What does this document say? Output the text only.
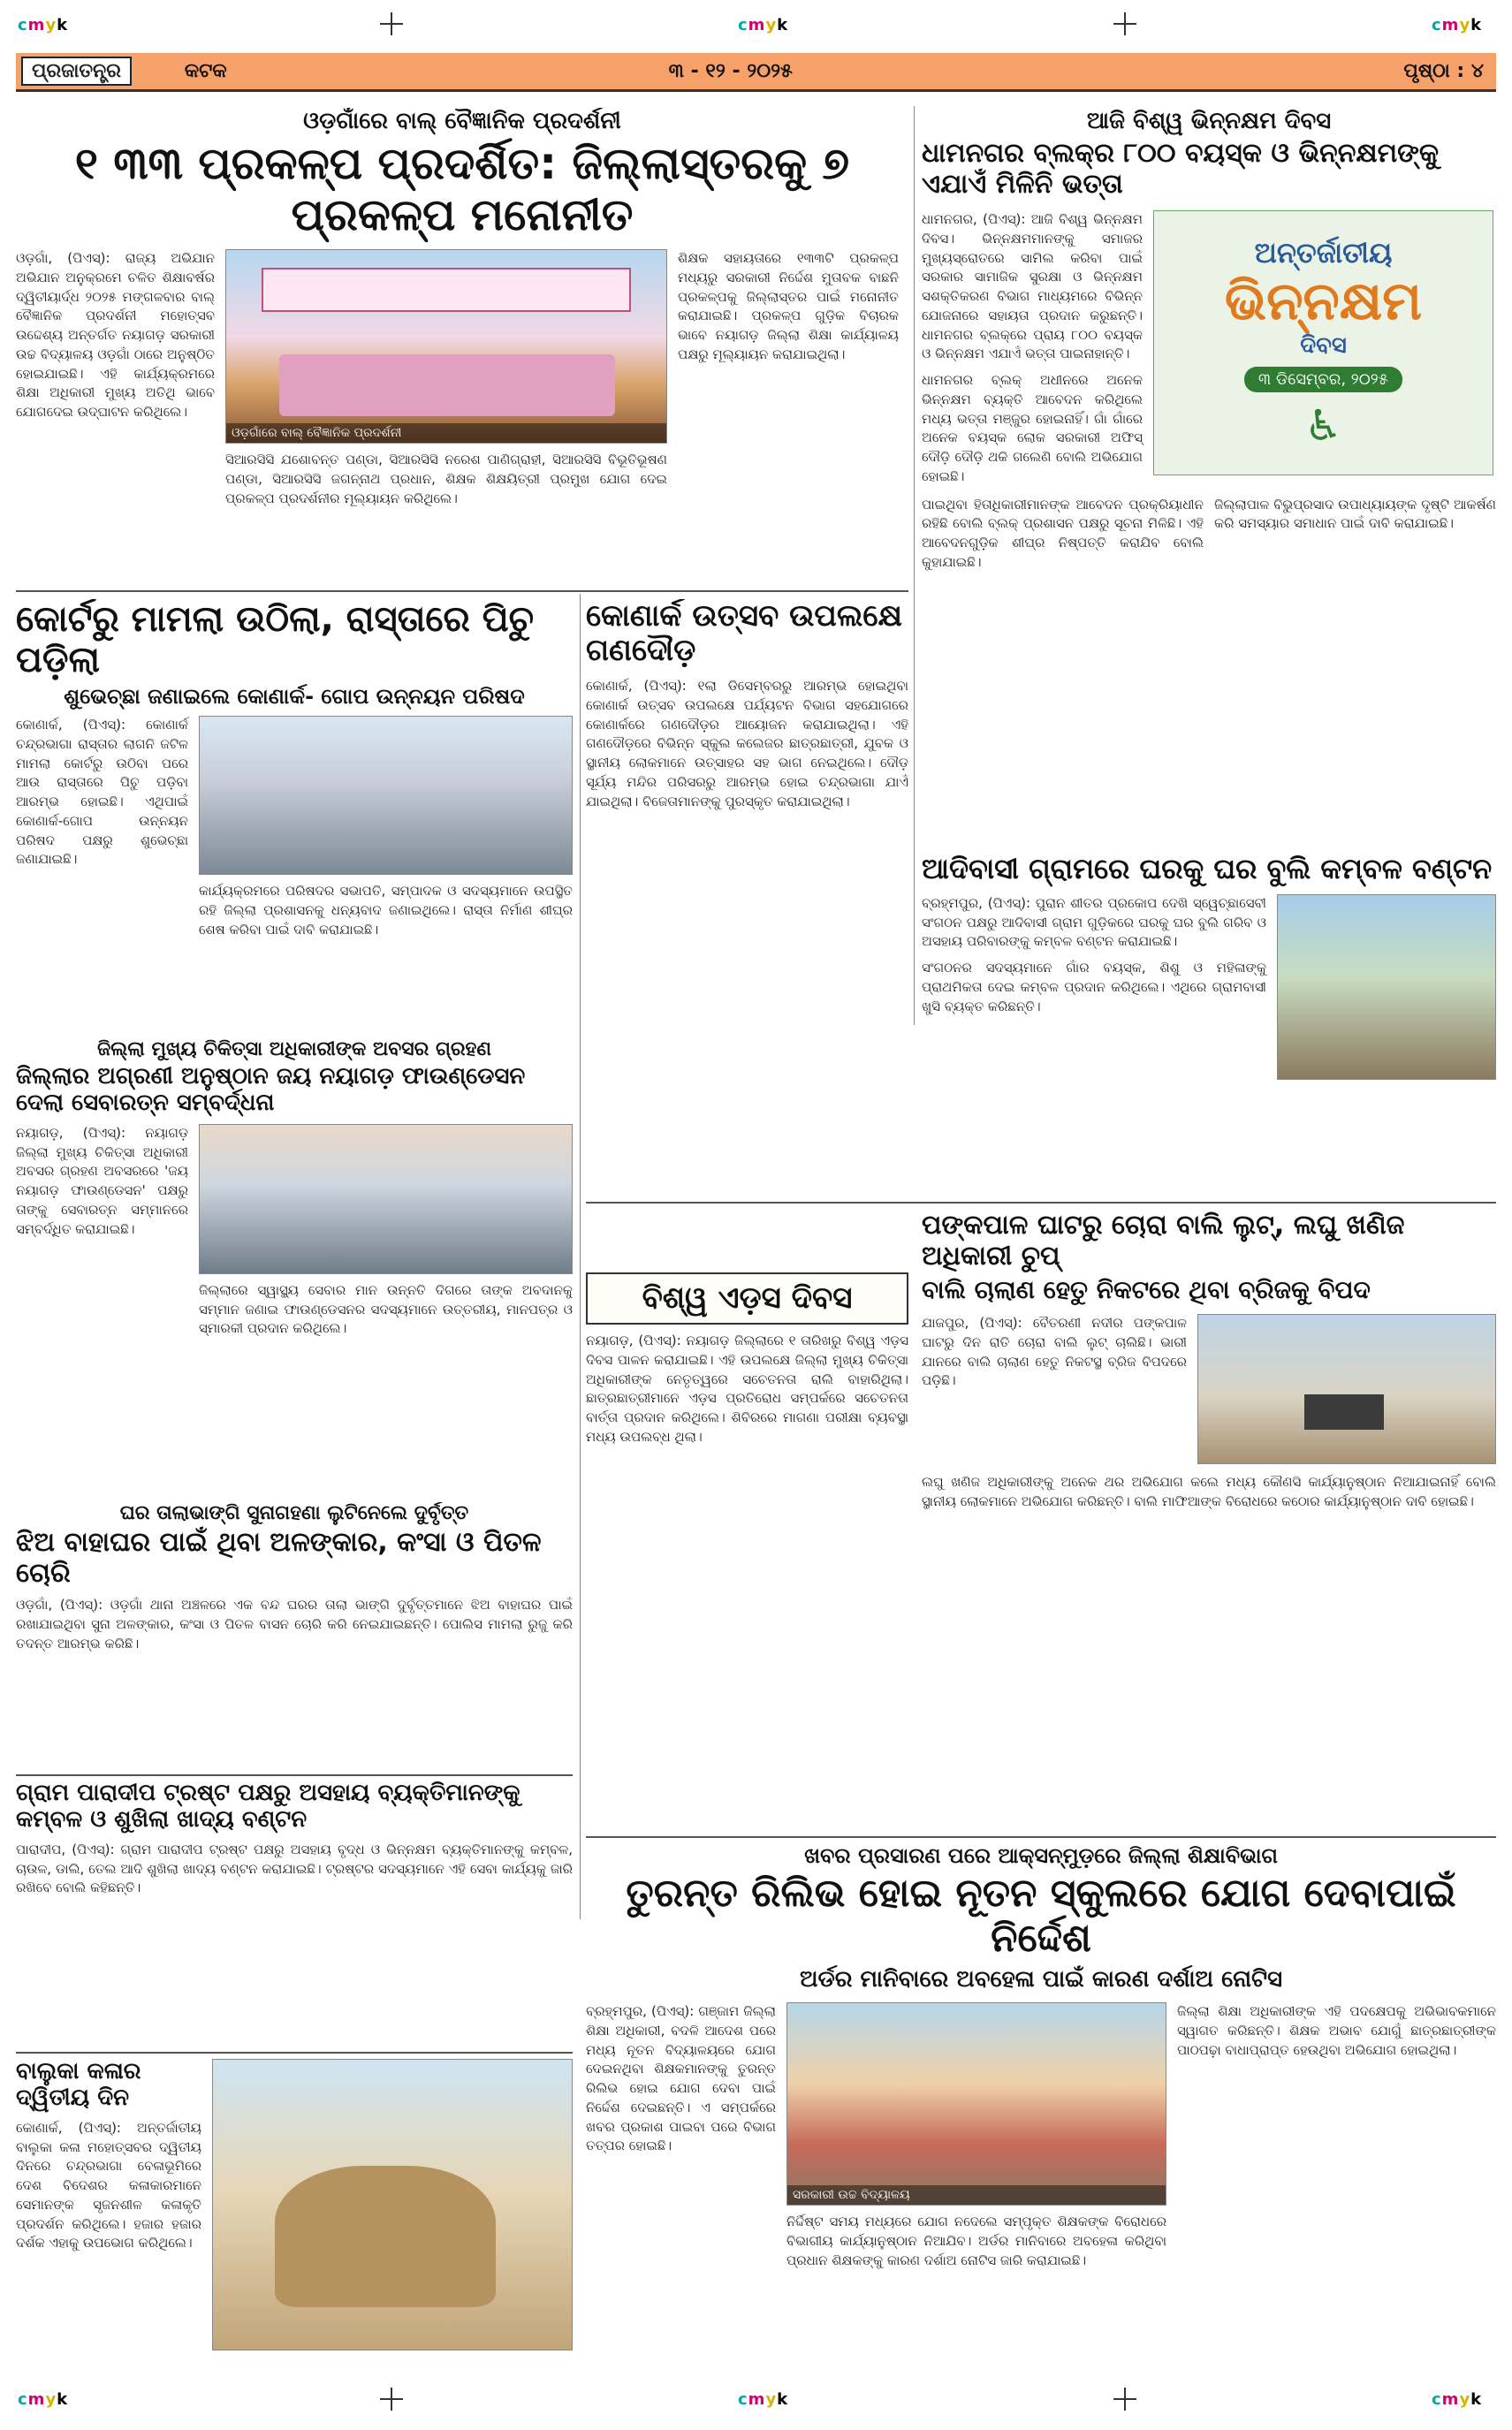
cmyk	cmyk	cmyk
cmyk	cmyk	cmyk
ପ୍ରଜାତନ୍ତ୍ର	କଟକ	୩ - ୧୨ - ୨୦୨୫	ପୃଷ୍ଠା : ୪
ଓଡ଼ଗାଁରେ ବାଲ୍ ବୈଜ୍ଞାନିକ ପ୍ରଦର୍ଶନୀ
୧ ୩୩ ପ୍ରକଳ୍ପ ପ୍ରଦର୍ଶିତ: ଜିଲ୍ଲାସ୍ତରକୁ ୭ ପ୍ରକଳ୍ପ ମନୋନୀତ

ଓଡ଼ଗାଁ, (ପିଏସ୍): ରାଜ୍ୟ ଅଭିଯାନ ଅଭିଯାନ ଅନୁକ୍ରମେ ଚଳିତ ଶିକ୍ଷାବର୍ଷର ଦ୍ୱିତୀୟାର୍ଦ୍ଧ ୨୦୨୫ ମଙ୍ଗଳବାର ବାଲ୍ ବୈଜ୍ଞାନିକ ପ୍ରଦର୍ଶନୀ ମହୋତ୍ସବ ଉଦ୍ଦେଶ୍ୟ ଅନ୍ତର୍ଗତ ନୟାଗଡ଼ ସରକାରୀ ଉଚ୍ଚ ବିଦ୍ୟାଳୟ ଓଡ଼ଗାଁ ଠାରେ ଅନୁଷ୍ଠିତ ହୋଇଯାଇଛି। ଏହି କାର୍ଯ୍ୟକ୍ରମରେ ଶିକ୍ଷା ଅଧିକାରୀ ମୁଖ୍ୟ ଅତିଥି ଭାବେ ଯୋଗଦେଇ ଉଦ୍‌ଘାଟନ କରିଥିଲେ।

ଓଡ଼ଗାଁରେ ବାଲ୍ ବୈଜ୍ଞାନିକ ପ୍ରଦର୍ଶନୀ

ସିଆରସିସି ଯଶୋବନ୍ତ ପଣ୍ଡା, ସିଆରସିସି ନରେଶ ପାଣିଗ୍ରାହୀ, ସିଆରସିସି ବିଭୂତିଭୂଷଣ ପଣ୍ଡା, ସିଆରସିସି ଜଗନ୍ନାଥ ପ୍ରଧାନ, ଶିକ୍ଷକ ଶିକ୍ଷୟିତ୍ରୀ ପ୍ରମୁଖ ଯୋଗ ଦେଇ ପ୍ରକଳ୍ପ ପ୍ରଦର୍ଶନୀର ମୂଲ୍ୟାୟନ କରିଥିଲେ।

ଶିକ୍ଷକ ସହାୟତାରେ ୧୩୩ଟି ପ୍ରକଳ୍ପ ମଧ୍ୟରୁ ସରକାରୀ ନିର୍ଦ୍ଦେଶ ମୁତାବକ ବାଛନି ପ୍ରକଳ୍ପକୁ ଜିଲ୍ଲାସ୍ତର ପାଇଁ ମନୋନୀତ କରାଯାଇଛି। ପ୍ରକଳ୍ପ ଗୁଡ଼ିକ ବିଚାରକ ଭାବେ ନୟାଗଡ଼ ଜିଲ୍ଲା ଶିକ୍ଷା କାର୍ଯ୍ୟାଳୟ ପକ୍ଷରୁ ମୂଲ୍ୟାୟନ କରାଯାଇଥିଲା।

ଆଜି ବିଶ୍ୱ ଭିନ୍ନକ୍ଷମ ଦିବସ
ଧାମନଗର ବ୍ଲକ୍‌ର ୮୦୦ ବୟସ୍କ ଓ ଭିନ୍ନକ୍ଷମଙ୍କୁ ଏଯାଏଁ ମିଳିନି ଭତ୍ତା

ଧାମନଗର, (ପିଏସ୍): ଆଜି ବିଶ୍ୱ ଭିନ୍ନକ୍ଷମ ଦିବସ। ଭିନ୍ନକ୍ଷମମାନଙ୍କୁ ସମାଜର ମୁଖ୍ୟସ୍ରୋତରେ ସାମିଲ କରିବା ପାଇଁ ସରକାର ସାମାଜିକ ସୁରକ୍ଷା ଓ ଭିନ୍ନକ୍ଷମ ସଶକ୍ତିକରଣ ବିଭାଗ ମାଧ୍ୟମରେ ବିଭିନ୍ନ ଯୋଜନାରେ ସହାୟତା ପ୍ରଦାନ କରୁଛନ୍ତି। ଧାମନଗର ବ୍ଲକ୍‌ରେ ପ୍ରାୟ ୮୦୦ ବୟସ୍କ ଓ ଭିନ୍ନକ୍ଷମ ଏଯାଏଁ ଭତ୍ତା ପାଇନାହାନ୍ତି।

ଧାମନଗର ବ୍ଲକ୍ ଅଧୀନରେ ଅନେକ ଭିନ୍ନକ୍ଷମ ବ୍ୟକ୍ତି ଆବେଦନ କରିଥିଲେ ମଧ୍ୟ ଭତ୍ତା ମଞ୍ଜୁର ହୋଇନାହିଁ। ଗାଁ ଗାଁରେ ଅନେକ ବୟସ୍କ ଲୋକ ସରକାରୀ ଅଫିସ୍ ଦୌଡ଼ି ଦୌଡ଼ି ଥକି ଗଲେଣି ବୋଲି ଅଭିଯୋଗ ହୋଇଛି।

ଅନ୍ତର୍ଜାତୀୟ
ଭିନ୍ନକ୍ଷମ
ଦିବସ
୩ ଡିସେମ୍ବର, ୨୦୨୫
♿

ପାଇଥିବା ହିତାଧିକାରୀମାନଙ୍କ ଆବେଦନ ପ୍ରକ୍ରିୟାଧୀନ ରହିଛି ବୋଲି ବ୍ଲକ୍ ପ୍ରଶାସନ ପକ୍ଷରୁ ସୂଚନା ମିଳିଛି। ଏହି ଆବେଦନଗୁଡ଼ିକ ଶୀଘ୍ର ନିଷ୍ପତ୍ତି କରାଯିବ ବୋଲି କୁହାଯାଇଛି।

ଜିଲ୍ଲାପାଳ ବିଭୁପ୍ରସାଦ ଉପାଧ୍ୟାୟଙ୍କ ଦୃଷ୍ଟି ଆକର୍ଷଣ କରି ସମସ୍ୟାର ସମାଧାନ ପାଇଁ ଦାବି କରାଯାଇଛି।

କୋର୍ଟରୁ ମାମଲା ଉଠିଲା, ରାସ୍ତାରେ ପିଚୁ ପଡ଼ିଲା
ଶୁଭେଚ୍ଛା ଜଣାଇଲେ କୋଣାର୍କ- ଗୋପ ଉନ୍ନୟନ ପରିଷଦ

କୋଣାର୍କ, (ପିଏସ୍): କୋଣାର୍କ ଚନ୍ଦ୍ରଭାଗା ରାସ୍ତାର ଲାଗନି ଜଟିଳ ମାମଲା କୋର୍ଟରୁ ଉଠିବା ପରେ ଆଉ ରାସ୍ତାରେ ପିଚୁ ପଡ଼ିବା ଆରମ୍ଭ ହୋଇଛି। ଏଥିପାଇଁ କୋଣାର୍କ-ଗୋପ ଉନ୍ନୟନ ପରିଷଦ ପକ୍ଷରୁ ଶୁଭେଚ୍ଛା ଜଣାଯାଇଛି।

କାର୍ଯ୍ୟକ୍ରମରେ ପରିଷଦର ସଭାପତି, ସମ୍ପାଦକ ଓ ସଦସ୍ୟମାନେ ଉପସ୍ଥିତ ରହି ଜିଲ୍ଲା ପ୍ରଶାସନକୁ ଧନ୍ୟବାଦ ଜଣାଇଥିଲେ। ରାସ୍ତା ନିର୍ମାଣ ଶୀଘ୍ର ଶେଷ କରିବା ପାଇଁ ଦାବି କରାଯାଇଛି।

କୋଣାର୍କ ଉତ୍ସବ ଉପଲକ୍ଷେ ଗଣଦୌଡ଼

କୋଣାର୍କ, (ପିଏସ୍): ୧ଲା ଡିସେମ୍ବରରୁ ଆରମ୍ଭ ହୋଇଥିବା କୋଣାର୍କ ଉତ୍ସବ ଉପଲକ୍ଷେ ପର୍ଯ୍ୟଟନ ବିଭାଗ ସହଯୋଗରେ କୋଣାର୍କରେ ଗଣଦୌଡ଼ର ଆୟୋଜନ କରାଯାଇଥିଲା। ଏହି ଗଣଦୌଡ଼ରେ ବିଭିନ୍ନ ସ୍କୁଲ କଲେଜର ଛାତ୍ରଛାତ୍ରୀ, ଯୁବକ ଓ ସ୍ଥାନୀୟ ଲୋକମାନେ ଉତ୍ସାହର ସହ ଭାଗ ନେଇଥିଲେ। ଦୌଡ଼ ସୂର୍ଯ୍ୟ ମନ୍ଦିର ପରିସରରୁ ଆରମ୍ଭ ହୋଇ ଚନ୍ଦ୍ରଭାଗା ଯାଏଁ ଯାଇଥିଲା। ବିଜେତାମାନଙ୍କୁ ପୁରସ୍କୃତ କରାଯାଇଥିଲା।

ଆଦିବାସୀ ଗ୍ରାମରେ ଘରକୁ ଘର ବୁଲି କମ୍ବଳ ବଣ୍ଟନ

ବ୍ରହ୍ମପୁର, (ପିଏସ୍): ପୁରାନ ଶୀତର ପ୍ରକୋପ ଦେଖି ସ୍ୱେଚ୍ଛାସେବୀ ସଂଗଠନ ପକ୍ଷରୁ ଆଦିବାସୀ ଗ୍ରାମ ଗୁଡ଼ିକରେ ଘରକୁ ଘର ବୁଲି ଗରିବ ଓ ଅସହାୟ ପରିବାରଙ୍କୁ କମ୍ବଳ ବଣ୍ଟନ କରାଯାଇଛି।

ସଂଗଠନର ସଦସ୍ୟମାନେ ଗାଁର ବୟସ୍କ, ଶିଶୁ ଓ ମହିଳାଙ୍କୁ ପ୍ରାଥମିକତା ଦେଇ କମ୍ବଳ ପ୍ରଦାନ କରିଥିଲେ। ଏଥିରେ ଗ୍ରାମବାସୀ ଖୁସି ବ୍ୟକ୍ତ କରିଛନ୍ତି।

ଜିଲ୍ଲା ମୁଖ୍ୟ ଚିକିତ୍ସା ଅଧିକାରୀଙ୍କ ଅବସର ଗ୍ରହଣ
ଜିଲ୍ଲାର ଅଗ୍ରଣୀ ଅନୁଷ୍ଠାନ ଜୟ ନୟାଗଡ଼ ଫାଉଣ୍ଡେସନ ଦେଲା ସେବାରତ୍ନ ସମ୍ବର୍ଦ୍ଧନା

ନୟାଗଡ଼, (ପିଏସ୍): ନୟାଗଡ଼ ଜିଲ୍ଲା ମୁଖ୍ୟ ଚିକିତ୍ସା ଅଧିକାରୀ ଅବସର ଗ୍ରହଣ ଅବସରରେ 'ଜୟ ନୟାଗଡ଼ ଫାଉଣ୍ଡେସନ' ପକ୍ଷରୁ ତାଙ୍କୁ ସେବାରତ୍ନ ସମ୍ମାନରେ ସମ୍ବର୍ଦ୍ଧିତ କରାଯାଇଛି।

ଜିଲ୍ଲାରେ ସ୍ୱାସ୍ଥ୍ୟ ସେବାର ମାନ ଉନ୍ନତି ଦିଗରେ ତାଙ୍କ ଅବଦାନକୁ ସମ୍ମାନ ଜଣାଇ ଫାଉଣ୍ଡେସନର ସଦସ୍ୟମାନେ ଉତ୍ତରୀୟ, ମାନପତ୍ର ଓ ସ୍ମାରକୀ ପ୍ରଦାନ କରିଥିଲେ।

ବିଶ୍ୱ ଏଡ଼ସ ଦିବସ

ନୟାଗଡ଼, (ପିଏସ୍): ନୟାଗଡ଼ ଜିଲ୍ଲାରେ ୧ ତାରିଖରୁ ବିଶ୍ୱ ଏଡ଼ସ ଦିବସ ପାଳନ କରାଯାଇଛି। ଏହି ଉପଲକ୍ଷେ ଜିଲ୍ଲା ମୁଖ୍ୟ ଚିକିତ୍ସା ଅଧିକାରୀଙ୍କ ନେତୃତ୍ୱରେ ସଚେତନତା ରାଲି ବାହାରିଥିଲା। ଛାତ୍ରଛାତ୍ରୀମାନେ ଏଡ଼ସ ପ୍ରତିରୋଧ ସମ୍ପର୍କରେ ସଚେତନତା ବାର୍ତ୍ତା ପ୍ରଦାନ କରିଥିଲେ। ଶିବିରରେ ମାଗଣା ପରୀକ୍ଷା ବ୍ୟବସ୍ଥା ମଧ୍ୟ ଉପଲବ୍ଧ ଥିଲା।

ପଙ୍କପାଳ ଘାଟରୁ ଚୋରା ବାଲି ଲୁଟ୍, ଲଘୁ ଖଣିଜ ଅଧିକାରୀ ଚୁପ୍
ବାଲି ଚାଲାଣ ହେତୁ ନିକଟରେ ଥିବା ବ୍ରିଜକୁ ବିପଦ

ଯାଜପୁର, (ପିଏସ୍): ବୈତରଣୀ ନଦୀର ପଙ୍କପାଳ ଘାଟରୁ ଦିନ ରାତି ଚୋରା ବାଲି ଲୁଟ୍ ଚାଲିଛି। ଭାରୀ ଯାନରେ ବାଲି ଚାଲାଣ ହେତୁ ନିକଟସ୍ଥ ବ୍ରିଜ ବିପଦରେ ପଡ଼ିଛି।

ଲଘୁ ଖଣିଜ ଅଧିକାରୀଙ୍କୁ ଅନେକ ଥର ଅଭିଯୋଗ କଲେ ମଧ୍ୟ କୌଣସି କାର୍ଯ୍ୟାନୁଷ୍ଠାନ ନିଆଯାଇନାହିଁ ବୋଲି ସ୍ଥାନୀୟ ଲୋକମାନେ ଅଭିଯୋଗ କରିଛନ୍ତି। ବାଲି ମାଫିଆଙ୍କ ବିରୋଧରେ କଠୋର କାର୍ଯ୍ୟାନୁଷ୍ଠାନ ଦାବି ହୋଇଛି।

ଘର ତାଲାଭାଙ୍ଗି ସୁନାଗହଣା ଲୁଟିନେଲେ ଦୁର୍ବୃତ୍ତ
ଝିଅ ବାହାଘର ପାଇଁ ଥିବା ଅଳଙ୍କାର, କଂସା ଓ ପିତଳ ଚୋରି

ଓଡ଼ଗାଁ, (ପିଏସ୍): ଓଡ଼ଗାଁ ଥାନା ଅଞ୍ଚଳରେ ଏକ ବନ୍ଦ ଘରର ତାଲା ଭାଙ୍ଗି ଦୁର୍ବୃତ୍ତମାନେ ଝିଅ ବାହାଘର ପାଇଁ ରଖାଯାଇଥିବା ସୁନା ଅଳଙ୍କାର, କଂସା ଓ ପିତଳ ବାସନ ଚୋରି କରି ନେଇଯାଇଛନ୍ତି। ପୋଲିସ ମାମଲା ରୁଜୁ କରି ତଦନ୍ତ ଆରମ୍ଭ କରିଛି।

ଗ୍ରାମ ପାରାଦୀପ ଟ୍ରଷ୍ଟ ପକ୍ଷରୁ ଅସହାୟ ବ୍ୟକ୍ତିମାନଙ୍କୁ କମ୍ବଳ ଓ ଶୁଖିଲା ଖାଦ୍ୟ ବଣ୍ଟନ

ପାରାଦୀପ, (ପିଏସ୍): ଗ୍ରାମ ପାରାଦୀପ ଟ୍ରଷ୍ଟ ପକ୍ଷରୁ ଅସହାୟ ବୃଦ୍ଧ ଓ ଭିନ୍ନକ୍ଷମ ବ୍ୟକ୍ତିମାନଙ୍କୁ କମ୍ବଳ, ଚାଉଳ, ଡାଲି, ତେଲ ଆଦି ଶୁଖିଲା ଖାଦ୍ୟ ବଣ୍ଟନ କରାଯାଇଛି। ଟ୍ରଷ୍ଟର ସଦସ୍ୟମାନେ ଏହି ସେବା କାର୍ଯ୍ୟକୁ ଜାରି ରଖିବେ ବୋଲି କହିଛନ୍ତି।

ବାଲୁକା କଳାର ଦ୍ୱିତୀୟ ଦିନ

କୋଣାର୍କ, (ପିଏସ୍): ଅନ୍ତର୍ଜାତୀୟ ବାଲୁକା କଳା ମହୋତ୍ସବର ଦ୍ୱିତୀୟ ଦିନରେ ଚନ୍ଦ୍ରଭାଗା ବେଳାଭୂମିରେ ଦେଶ ବିଦେଶର କଳାକାରମାନେ ସେମାନଙ୍କ ସୃଜନଶୀଳ କଳାକୃତି ପ୍ରଦର୍ଶନ କରିଥିଲେ। ହଜାର ହଜାର ଦର୍ଶକ ଏହାକୁ ଉପଭୋଗ କରିଥିଲେ।

ଖବର ପ୍ରସାରଣ ପରେ ଆକ୍ସନ୍‌ମୁଡ଼ରେ ଜିଲ୍ଲା ଶିକ୍ଷାବିଭାଗ
ତୁରନ୍ତ ରିଲିଭ ହୋଇ ନୂତନ ସ୍କୁଲରେ ଯୋଗ ଦେବାପାଇଁ ନିର୍ଦ୍ଦେଶ
ଅର୍ଡର ମାନିବାରେ ଅବହେଳା ପାଇଁ କାରଣ ଦର୍ଶାଅ ନୋଟିସ

ବ୍ରହ୍ମପୁର, (ପିଏସ୍): ଗଞ୍ଜାମ ଜିଲ୍ଲା ଶିକ୍ଷା ଅଧିକାରୀ, ବଦଳି ଆଦେଶ ପରେ ମଧ୍ୟ ନୂତନ ବିଦ୍ୟାଳୟରେ ଯୋଗ ଦେଇନଥିବା ଶିକ୍ଷକମାନଙ୍କୁ ତୁରନ୍ତ ରିଲିଭ ହୋଇ ଯୋଗ ଦେବା ପାଇଁ ନିର୍ଦ୍ଦେଶ ଦେଇଛନ୍ତି। ଏ ସମ୍ପର୍କରେ ଖବର ପ୍ରକାଶ ପାଇବା ପରେ ବିଭାଗ ତତ୍ପର ହୋଇଛି।

ସରକାରୀ ଉଚ୍ଚ ବିଦ୍ୟାଳୟ

ନିର୍ଦ୍ଦିଷ୍ଟ ସମୟ ମଧ୍ୟରେ ଯୋଗ ନଦେଲେ ସମ୍ପୃକ୍ତ ଶିକ୍ଷକଙ୍କ ବିରୋଧରେ ବିଭାଗୀୟ କାର୍ଯ୍ୟାନୁଷ୍ଠାନ ନିଆଯିବ। ଅର୍ଡର ମାନିବାରେ ଅବହେଳା କରିଥିବା ପ୍ରଧାନ ଶିକ୍ଷକଙ୍କୁ କାରଣ ଦର୍ଶାଅ ନୋଟିସ ଜାରି କରାଯାଇଛି।

ଜିଲ୍ଲା ଶିକ୍ଷା ଅଧିକାରୀଙ୍କ ଏହି ପଦକ୍ଷେପକୁ ଅଭିଭାବକମାନେ ସ୍ୱାଗତ କରିଛନ୍ତି। ଶିକ୍ଷକ ଅଭାବ ଯୋଗୁଁ ଛାତ୍ରଛାତ୍ରୀଙ୍କ ପାଠପଢ଼ା ବାଧାପ୍ରାପ୍ତ ହେଉଥିବା ଅଭିଯୋଗ ହୋଇଥିଲା।
